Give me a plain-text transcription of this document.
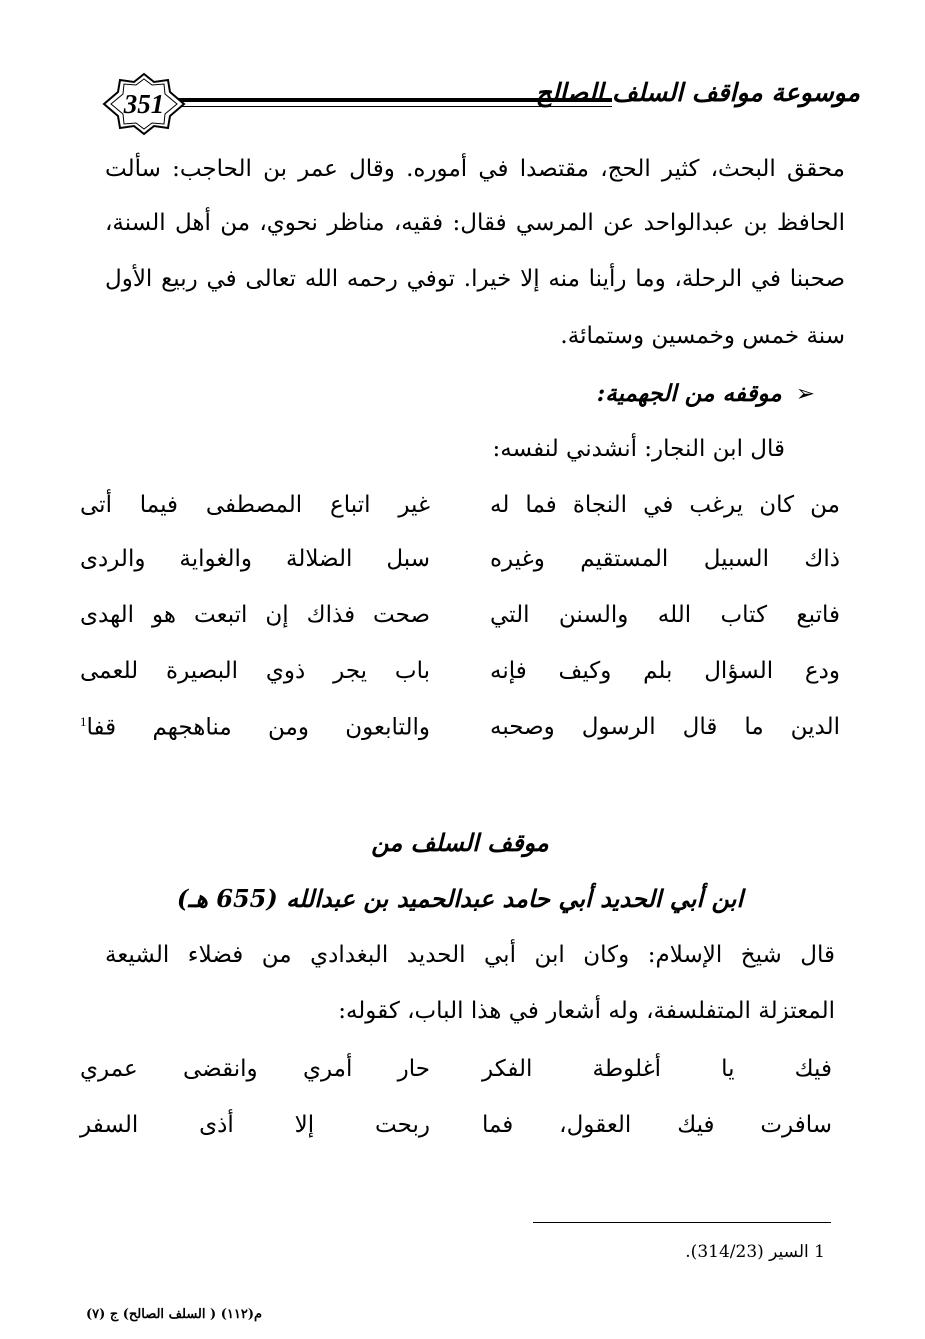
351	موسوعة مواقف السلف الصالح
محقق البحث، كثير الحج، مقتصدا في أموره. وقال عمر بن الحاجب: سألت
الحافظ بن عبدالواحد عن المرسي فقال: فقيه، مناظر نحوي، من أهل السنة،
صحبنا في الرحلة، وما رأينا منه إلا خيرا. توفي رحمه الله تعالى في ربيع الأول
سنة خمس وخمسين وستمائة.
➢موقفه من الجهمية:
قال ابن النجار: أنشدني لنفسه:
من كان يرغب في النجاة فما له
غير اتباع المصطفى فيما أتى
ذاك السبيل المستقيم وغيره
سبل الضلالة والغواية والردى
فاتبع كتاب الله والسنن التي
صحت فذاك إن اتبعت هو الهدى
ودع السؤال بلم وكيف فإنه
باب يجر ذوي البصيرة للعمى
الدين ما قال الرسول وصحبه
والتابعون ومن مناهجهم قفا$^1$
موقف السلف من
ابن أبي الحديد أبي حامد عبدالحميد بن عبدالله (655 هـ)
قال شيخ الإسلام: وكان ابن أبي الحديد البغدادي من فضلاء الشيعة
المعتزلة المتفلسفة، وله أشعار في هذا الباب، كقوله:
فيك يا أغلوطة الفكر
حار أمري وانقضى عمري
سافرت فيك العقول، فما
ربحت إلا أذى السفر
1 السير (314/23).
م(١١٢) ( السلف الصالح) ج (٧)
